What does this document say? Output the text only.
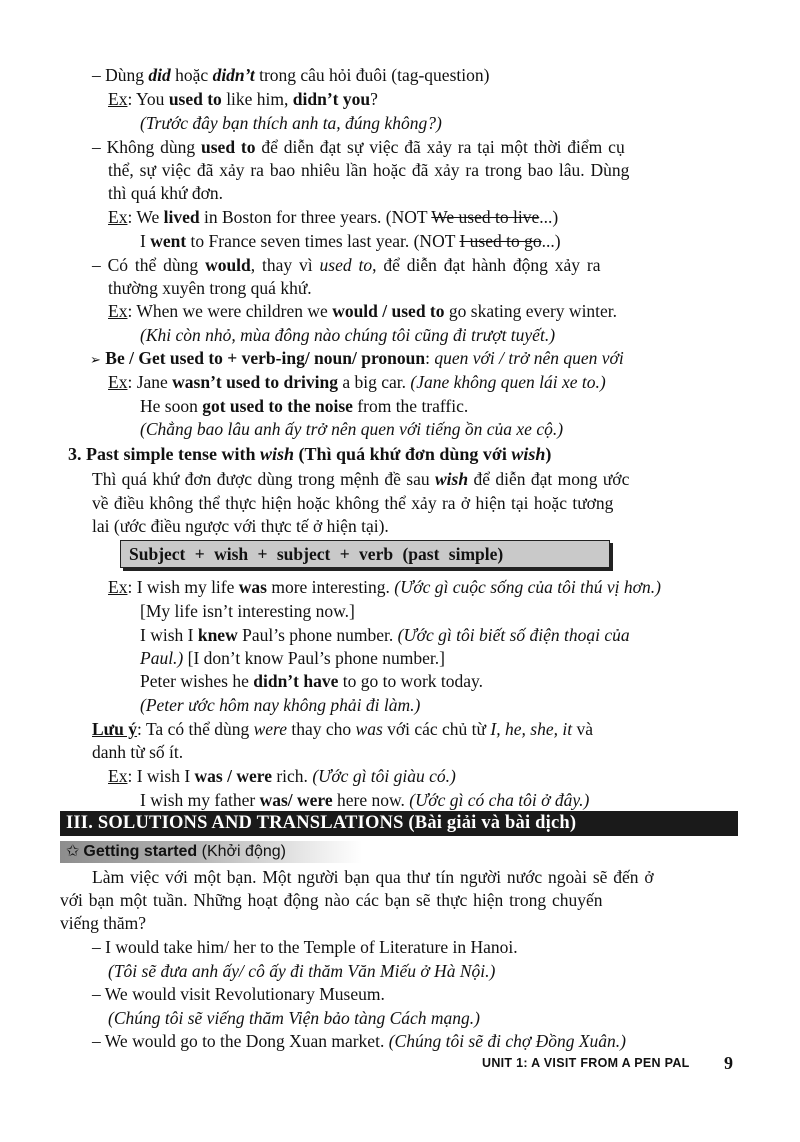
– Dùng did hoặc didn’t trong câu hỏi đuôi (tag-question)
Ex: You used to like him, didn’t you?
(Trước đây bạn thích anh ta, đúng không?)
– Không dùng used to để diễn đạt sự việc đã xảy ra tại một thời điểm cụ
thể, sự việc đã xảy ra bao nhiêu lần hoặc đã xảy ra trong bao lâu. Dùng
thì quá khứ đơn.
Ex: We lived in Boston for three years. (NOT We used to live...)
I went to France seven times last year. (NOT I used to go...)
– Có thể dùng would, thay vì used to, để diễn đạt hành động xảy ra
thường xuyên trong quá khứ.
Ex: When we were children we would / used to go skating every winter.
(Khi còn nhỏ, mùa đông nào chúng tôi cũng đi trượt tuyết.)
➢ Be / Get used to + verb-ing/ noun/ pronoun: quen với / trở nên quen với
Ex: Jane wasn’t used to driving a big car. (Jane không quen lái xe to.)
He soon got used to the noise from the traffic.
(Chẳng bao lâu anh ấy trở nên quen với tiếng ồn của xe cộ.)
3. Past simple tense with wish (Thì quá khứ đơn dùng với wish)
Thì quá khứ đơn được dùng trong mệnh đề sau wish để diễn đạt mong ước
về điều không thể thực hiện hoặc không thể xảy ra ở hiện tại hoặc tương
lai (ước điều ngược với thực tế ở hiện tại).
Subject + wish + subject + verb (past simple)
Ex: I wish my life was more interesting. (Ước gì cuộc sống của tôi thú vị hơn.)
[My life isn’t interesting now.]
I wish I knew Paul’s phone number. (Ước gì tôi biết số điện thoại của
Paul.) [I don’t know Paul’s phone number.]
Peter wishes he didn’t have to go to work today.
(Peter ước hôm nay không phải đi làm.)
Lưu ý: Ta có thể dùng were thay cho was với các chủ từ I, he, she, it và
danh từ số ít.
Ex: I wish I was / were rich. (Ước gì tôi giàu có.)
I wish my father was/ were here now. (Ước gì có cha tôi ở đây.)
III. SOLUTIONS AND TRANSLATIONS (Bài giải và bài dịch)
✩ Getting started (Khởi động)
Làm việc với một bạn. Một người bạn qua thư tín người nước ngoài sẽ đến ở
với bạn một tuần. Những hoạt động nào các bạn sẽ thực hiện trong chuyến
viếng thăm?
– I would take him/ her to the Temple of Literature in Hanoi.
(Tôi sẽ đưa anh ấy/ cô ấy đi thăm Văn Miếu ở Hà Nội.)
– We would visit Revolutionary Museum.
(Chúng tôi sẽ viếng thăm Viện bảo tàng Cách mạng.)
– We would go to the Dong Xuan market. (Chúng tôi sẽ đi chợ Đồng Xuân.)
UNIT 1: A VISIT FROM A PEN PAL 9
